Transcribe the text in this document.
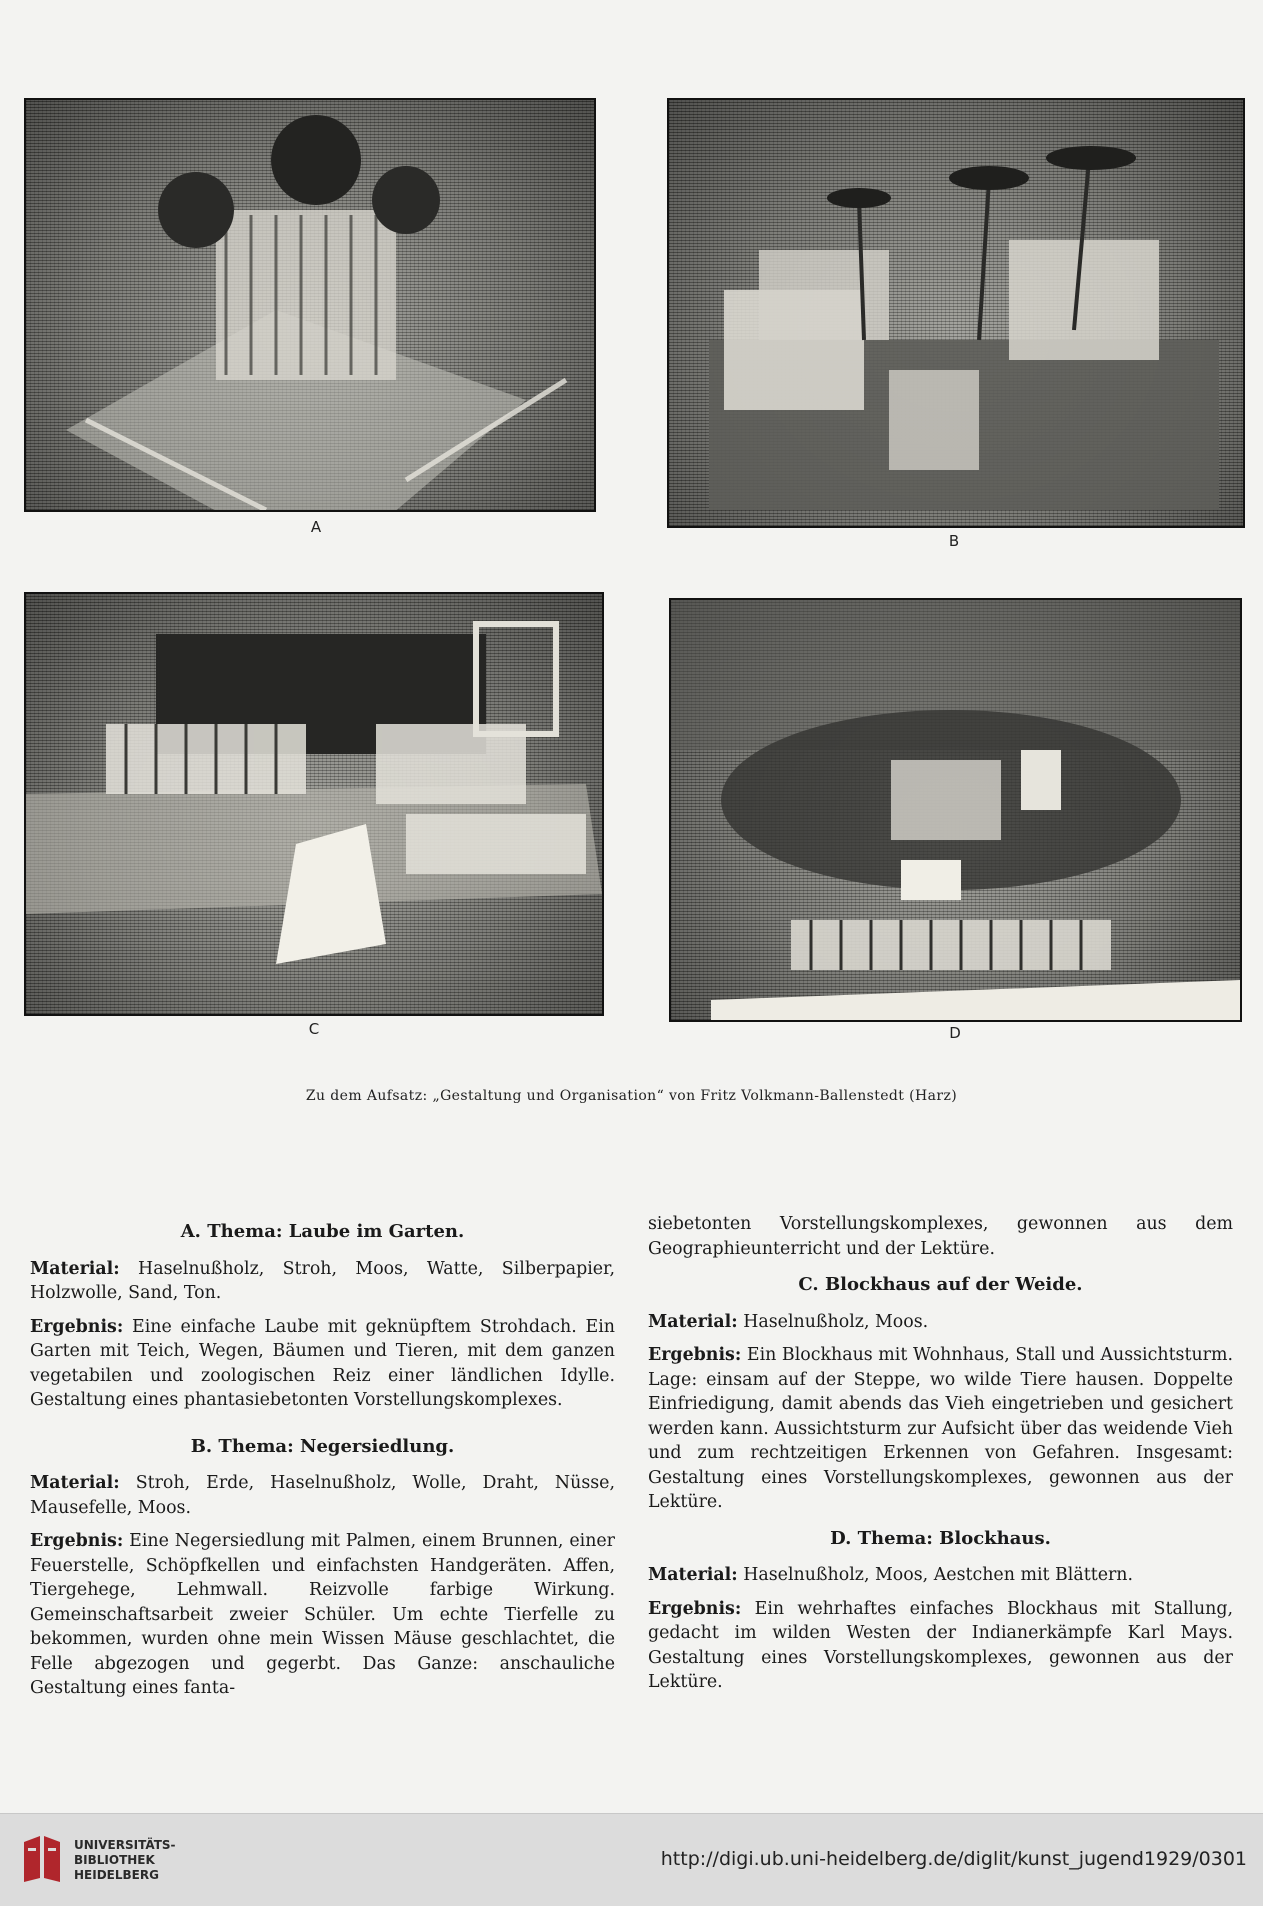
A
B
C	D
Zu dem Aufsatz: „Gestaltung und Organisation“ von Fritz Volkmann-Ballenstedt (Harz)
A. Thema: Laube im Garten.

Material: Haselnußholz, Stroh, Moos, Watte, Silberpapier, Holzwolle, Sand, Ton.

Ergebnis: Eine einfache Laube mit geknüpftem Strohdach. Ein Garten mit Teich, Wegen, Bäumen und Tieren, mit dem ganzen vegetabilen und zoologischen Reiz einer ländlichen Idylle. Gestaltung eines phantasiebetonten Vorstellungskomplexes.

B. Thema: Negersiedlung.

Material: Stroh, Erde, Haselnußholz, Wolle, Draht, Nüsse, Mausefelle, Moos.

Ergebnis: Eine Negersiedlung mit Palmen, einem Brunnen, einer Feuerstelle, Schöpfkellen und einfachsten Handgeräten. Affen, Tiergehege, Lehmwall. Reizvolle farbige Wirkung. Gemeinschaftsarbeit zweier Schüler. Um echte Tierfelle zu bekommen, wurden ohne mein Wissen Mäuse geschlachtet, die Felle abgezogen und gegerbt. Das Ganze: anschauliche Gestaltung eines fanta-

siebetonten Vorstellungskomplexes, gewonnen aus dem Geographieunterricht und der Lektüre.

C. Blockhaus auf der Weide.

Material: Haselnußholz, Moos.

Ergebnis: Ein Blockhaus mit Wohnhaus, Stall und Aussichtsturm. Lage: einsam auf der Steppe, wo wilde Tiere hausen. Doppelte Einfriedigung, damit abends das Vieh eingetrieben und gesichert werden kann. Aussichtsturm zur Aufsicht über das weidende Vieh und zum rechtzeitigen Erkennen von Gefahren. Insgesamt: Gestaltung eines Vorstellungskomplexes, gewonnen aus der Lektüre.

D. Thema: Blockhaus.

Material: Haselnußholz, Moos, Aestchen mit Blättern.

Ergebnis: Ein wehrhaftes einfaches Blockhaus mit Stallung, gedacht im wilden Westen der Indianerkämpfe Karl Mays. Gestaltung eines Vorstellungskomplexes, gewonnen aus der Lektüre.

UNIVERSITÄTS-
BIBLIOTHEK
HEIDELBERG
http://digi.ub.uni-heidelberg.de/diglit/kunst_jugend1929/0301
